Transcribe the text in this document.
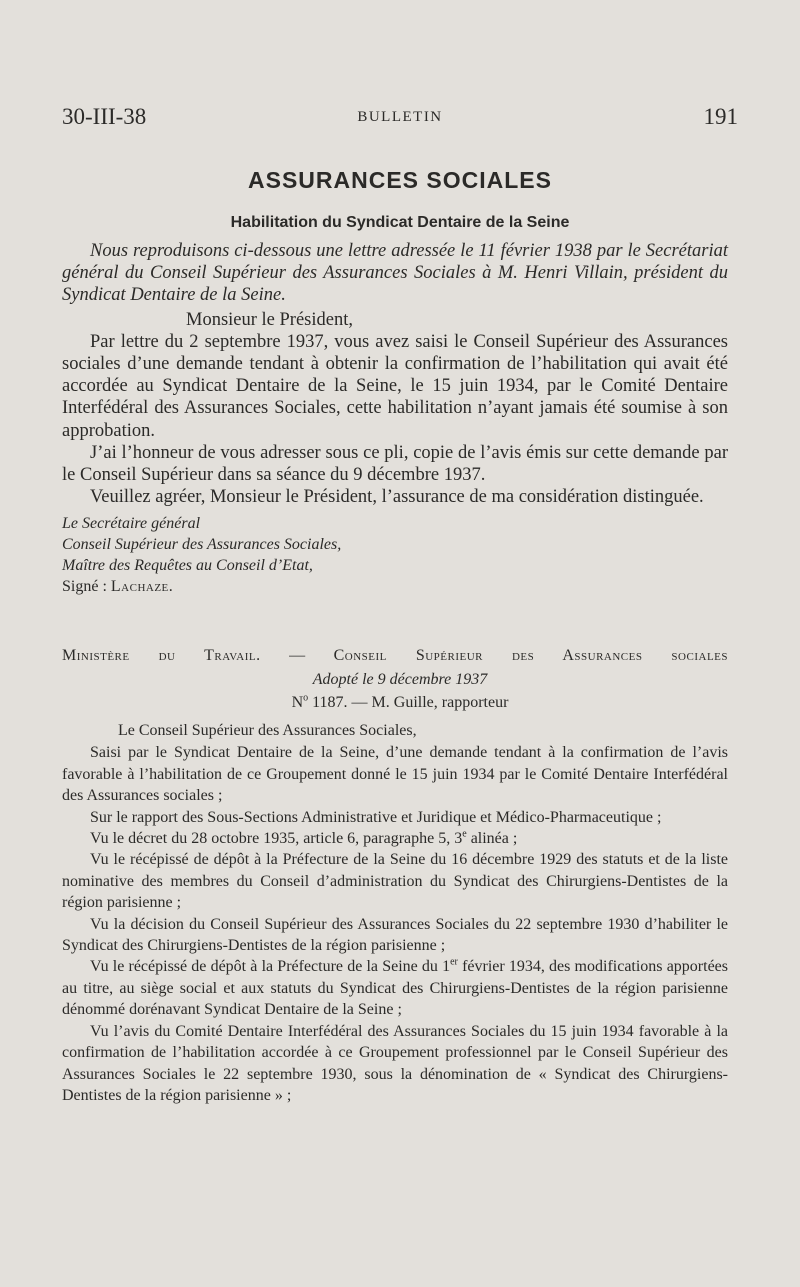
30-III-38	BULLETIN	191
ASSURANCES SOCIALES
Habilitation du Syndicat Dentaire de la Seine

Nous reproduisons ci-dessous une lettre adressée le 11 février 1938 par le Secrétariat général du Conseil Supérieur des Assurances Sociales à M. Henri Villain, président du Syndicat Dentaire de la Seine.

Monsieur le Président,

Par lettre du 2 septembre 1937, vous avez saisi le Conseil Supérieur des Assurances sociales d’une demande tendant à obtenir la confirmation de l’habilitation qui avait été accordée au Syndicat Dentaire de la Seine, le 15 juin 1934, par le Comité Dentaire Interfédéral des Assurances Sociales, cette habilitation n’ayant jamais été soumise à son approbation.

J’ai l’honneur de vous adresser sous ce pli, copie de l’avis émis sur cette demande par le Conseil Supérieur dans sa séance du 9 décembre 1937.

Veuillez agréer, Monsieur le Président, l’assurance de ma considération distinguée.

Le Secrétaire général

Conseil Supérieur des Assurances Sociales,

Maître des Requêtes au Conseil d’Etat,

Signé : Lachaze.

Ministère du Travail. — Conseil Supérieur des Assurances sociales
Adopté le 9 décembre 1937
$N^o$ 1187. — M. Guille, rapporteur

Le Conseil Supérieur des Assurances Sociales,

Saisi par le Syndicat Dentaire de la Seine, d’une demande tendant à la confirmation de l’avis favorable à l’habilitation de ce Groupement donné le 15 juin 1934 par le Comité Dentaire Interfédéral des Assurances sociales ;

Sur le rapport des Sous-Sections Administrative et Juridique et Médico-Pharmaceutique ;

Vu le décret du 28 octobre 1935, article 6, paragraphe 5, 3e alinéa ;

Vu le récépissé de dépôt à la Préfecture de la Seine du 16 décembre 1929 des statuts et de la liste nominative des membres du Conseil d’administration du Syndicat des Chirurgiens-Dentistes de la région parisienne ;

Vu la décision du Conseil Supérieur des Assurances Sociales du 22 septembre 1930 d’habiliter le Syndicat des Chirurgiens-Dentistes de la région parisienne ;

Vu le récépissé de dépôt à la Préfecture de la Seine du 1er février 1934, des modifications apportées au titre, au siège social et aux statuts du Syndicat des Chirurgiens-Dentistes de la région parisienne dénommé dorénavant Syndicat Dentaire de la Seine ;

Vu l’avis du Comité Dentaire Interfédéral des Assurances Sociales du 15 juin 1934 favorable à la confirmation de l’habilitation accordée à ce Groupement professionnel par le Conseil Supérieur des Assurances Sociales le 22 septembre 1930, sous la dénomination de « Syndicat des Chirurgiens-Dentistes de la région parisienne » ;
